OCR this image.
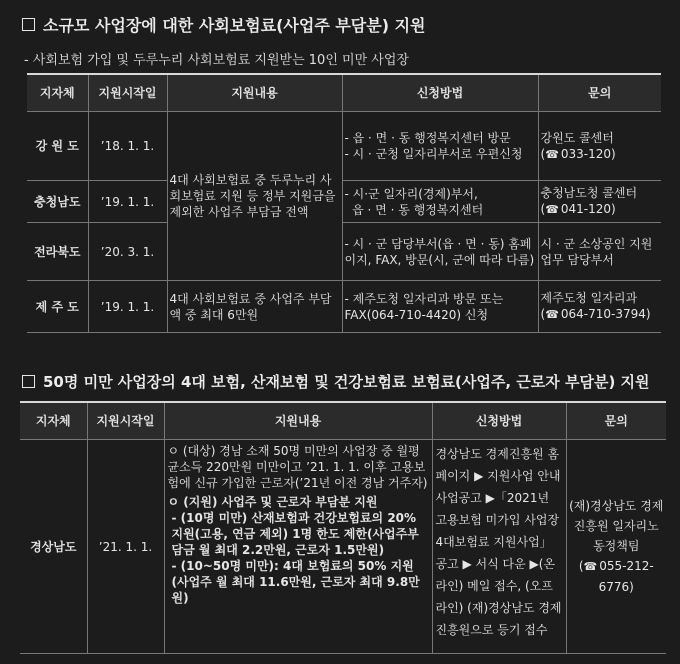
소규모 사업장에 대한 사회보험료(사업주 부담분) 지원
- 사회보험 가입 및 두루누리 사회보험료 지원받는 10인 미만 사업장
지자체	지원시작일	지원내용	신청방법	문의
강 원 도	’18. 1. 1.	4대 사회보험료 중 두루누리 사회보험료 지원 등 정부 지원금을 제외한 사업주 부담금 전액	- 읍 · 면 · 동 행정복지센터 방문
- 시 · 군청 일자리부서로 우편신청	강원도 콜센터
(☎ 033-120)
충청남도	’19. 1. 1.		- 시·군 일자리(경제)부서,
읍 · 면 · 동 행정복지센터	충청남도청 콜센터
(☎ 041-120)
전라북도	’20. 3. 1.		- 시 · 군 담당부서(읍 · 면 · 동) 홈페이지, FAX, 방문(시, 군에 따라 다름)	시 · 군 소상공인 지원업무 담당부서
제 주 도	’19. 1. 1.	4대 사회보험료 중 사업주 부담액 중 최대 6만원	- 제주도청 일자리과 방문 또는 FAX(064-710-4420) 신청	제주도청 일자리과
(☎ 064-710-3794)
50명 미만 사업장의 4대 보험, 산재보험 및 건강보험료 보험료(사업주, 근로자 부담분) 지원
지자체	지원시작일	지원내용	신청방법	문의
경상남도	’21. 1. 1.	ㅇ (대상) 경남 소재 50명 미만의 사업장 중 월평균소득 220만원 미만이고 ’21. 1. 1. 이후 고용보험에 신규 가입한 근로자(’21년 이전 경남 거주자)
ㅇ (지원) 사업주 및 근로자 부담분 지원
- (10명 미만) 산재보험과 건강보험료의 20% 지원(고용, 연금 제외) 1명 한도 제한(사업주부담금 월 최대 2.2만원, 근로자 1.5만원)
- (10~50명 미만): 4대 보험료의 50% 지원(사업주 월 최대 11.6만원, 근로자 최대 9.8만원)	경상남도 경제진흥원 홈페이지 ▶ 지원사업 안내 사업공고 ▶「2021년 고용보험 미가입 사업장 4대보험료 지원사업」 공고 ▶ 서식 다운 ▶(온라인) 메일 접수, (오프라인) (재)경상남도 경제진흥원으로 등기 접수	(재)경상남도 경제진흥원 일자리노동정책팀
(☎ 055-212-6776)
